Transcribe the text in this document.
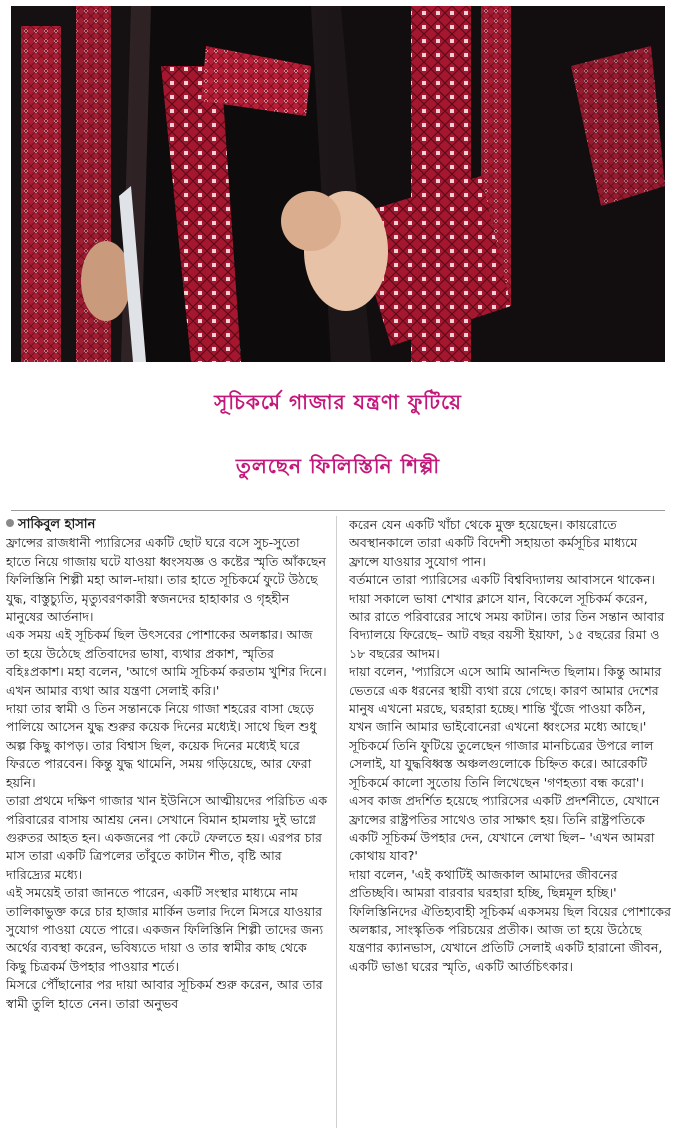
সূচিকর্মে গাজার যন্ত্রণা ফুটিয়ে
তুলছেন ফিলিস্তিনি শিল্পী

সাকিবুল হাসান

ফ্রান্সের রাজধানী প্যারিসের একটি ছোট ঘরে বসে সুচ-সুতো হাতে নিয়ে গাজায় ঘটে যাওয়া ধ্বংসযজ্ঞ ও কষ্টের স্মৃতি আঁকছেন ফিলিস্তিনি শিল্পী মহা আল-দায়া। তার হাতে সূচিকর্মে ফুটে উঠছে যুদ্ধ, বাস্তুচ্যুতি, মৃত্যুবরণকারী স্বজনদের হাহাকার ও গৃহহীন মানুষের আর্তনাদ।

এক সময় এই সূচিকর্ম ছিল উৎসবের পোশাকের অলঙ্কার। আজ তা হয়ে উঠেছে প্রতিবাদের ভাষা, ব্যথার প্রকাশ, স্মৃতির বহিঃপ্রকাশ। মহা বলেন, 'আগে আমি সূচিকর্ম করতাম খুশির দিনে। এখন আমার ব্যথা আর যন্ত্রণা সেলাই করি।'

দায়া তার স্বামী ও তিন সন্তানকে নিয়ে গাজা শহরের বাসা ছেড়ে পালিয়ে আসেন যুদ্ধ শুরুর কয়েক দিনের মধ্যেই। সাথে ছিল শুধু অল্প কিছু কাপড়। তার বিশ্বাস ছিল, কয়েক দিনের মধ্যেই ঘরে ফিরতে পারবেন। কিন্তু যুদ্ধ থামেনি, সময় গড়িয়েছে, আর ফেরা হয়নি।

তারা প্রথমে দক্ষিণ গাজার খান ইউনিসে আত্মীয়দের পরিচিত এক পরিবারের বাসায় আশ্রয় নেন। সেখানে বিমান হামলায় দুই ভাগ্নে গুরুতর আহত হন। একজনের পা কেটে ফেলতে হয়। এরপর চার মাস তারা একটি ত্রিপলের তাঁবুতে কাটান শীত, বৃষ্টি আর দারিদ্র্যের মধ্যে।

এই সময়েই তারা জানতে পারেন, একটি সংস্থার মাধ্যমে নাম তালিকাভুক্ত করে চার হাজার মার্কিন ডলার দিলে মিসরে যাওয়ার সুযোগ পাওয়া যেতে পারে। একজন ফিলিস্তিনি শিল্পী তাদের জন্য অর্থের ব্যবস্থা করেন, ভবিষ্যতে দায়া ও তার স্বামীর কাছ থেকে কিছু চিত্রকর্ম উপহার পাওয়ার শর্তে।

মিসরে পৌঁছানোর পর দায়া আবার সূচিকর্ম শুরু করেন, আর তার স্বামী তুলি হাতে নেন। তারা অনুভব

করেন যেন একটি খাঁচা থেকে মুক্ত হয়েছেন। কায়রোতে অবস্থানকালে তারা একটি বিদেশী সহায়তা কর্মসূচির মাধ্যমে ফ্রান্সে যাওয়ার সুযোগ পান।

বর্তমানে তারা প্যারিসের একটি বিশ্ববিদ্যালয় আবাসনে থাকেন। দায়া সকালে ভাষা শেখার ক্লাসে যান, বিকেলে সূচিকর্ম করেন, আর রাতে পরিবারের সাথে সময় কাটান। তার তিন সন্তান আবার বিদ্যালয়ে ফিরেছে– আট বছর বয়সী ইয়াফা, ১৫ বছরের রিমা ও ১৮ বছরের আদম।

দায়া বলেন, 'প্যারিসে এসে আমি আনন্দিত ছিলাম। কিন্তু আমার ভেতরে এক ধরনের স্থায়ী ব্যথা রয়ে গেছে। কারণ আমার দেশের মানুষ এখনো মরছে, ঘরহারা হচ্ছে। শান্তি খুঁজে পাওয়া কঠিন, যখন জানি আমার ভাইবোনেরা এখনো ধ্বংসের মধ্যে আছে।'

সূচিকর্মে তিনি ফুটিয়ে তুলেছেন গাজার মানচিত্রের উপরে লাল সেলাই, যা যুদ্ধবিধ্বস্ত অঞ্চলগুলোকে চিহ্নিত করে। আরেকটি সূচিকর্মে কালো সুতোয় তিনি লিখেছেন 'গণহত্যা বন্ধ করো'। এসব কাজ প্রদর্শিত হয়েছে প্যারিসের একটি প্রদর্শনীতে, যেখানে ফ্রান্সের রাষ্ট্রপতির সাথেও তার সাক্ষাৎ হয়। তিনি রাষ্ট্রপতিকে একটি সূচিকর্ম উপহার দেন, যেখানে লেখা ছিল– 'এখন আমরা কোথায় যাব?'

দায়া বলেন, 'এই কথাটিই আজকাল আমাদের জীবনের প্রতিচ্ছবি। আমরা বারবার ঘরহারা হচ্ছি, ছিন্নমূল হচ্ছি।'

ফিলিস্তিনিদের ঐতিহ্যবাহী সূচিকর্ম একসময় ছিল বিয়ের পোশাকের অলঙ্কার, সাংস্কৃতিক পরিচয়ের প্রতীক। আজ তা হয়ে উঠেছে যন্ত্রণার ক্যানভাস, যেখানে প্রতিটি সেলাই একটি হারানো জীবন, একটি ভাঙা ঘরের স্মৃতি, একটি আর্তচিৎকার।
